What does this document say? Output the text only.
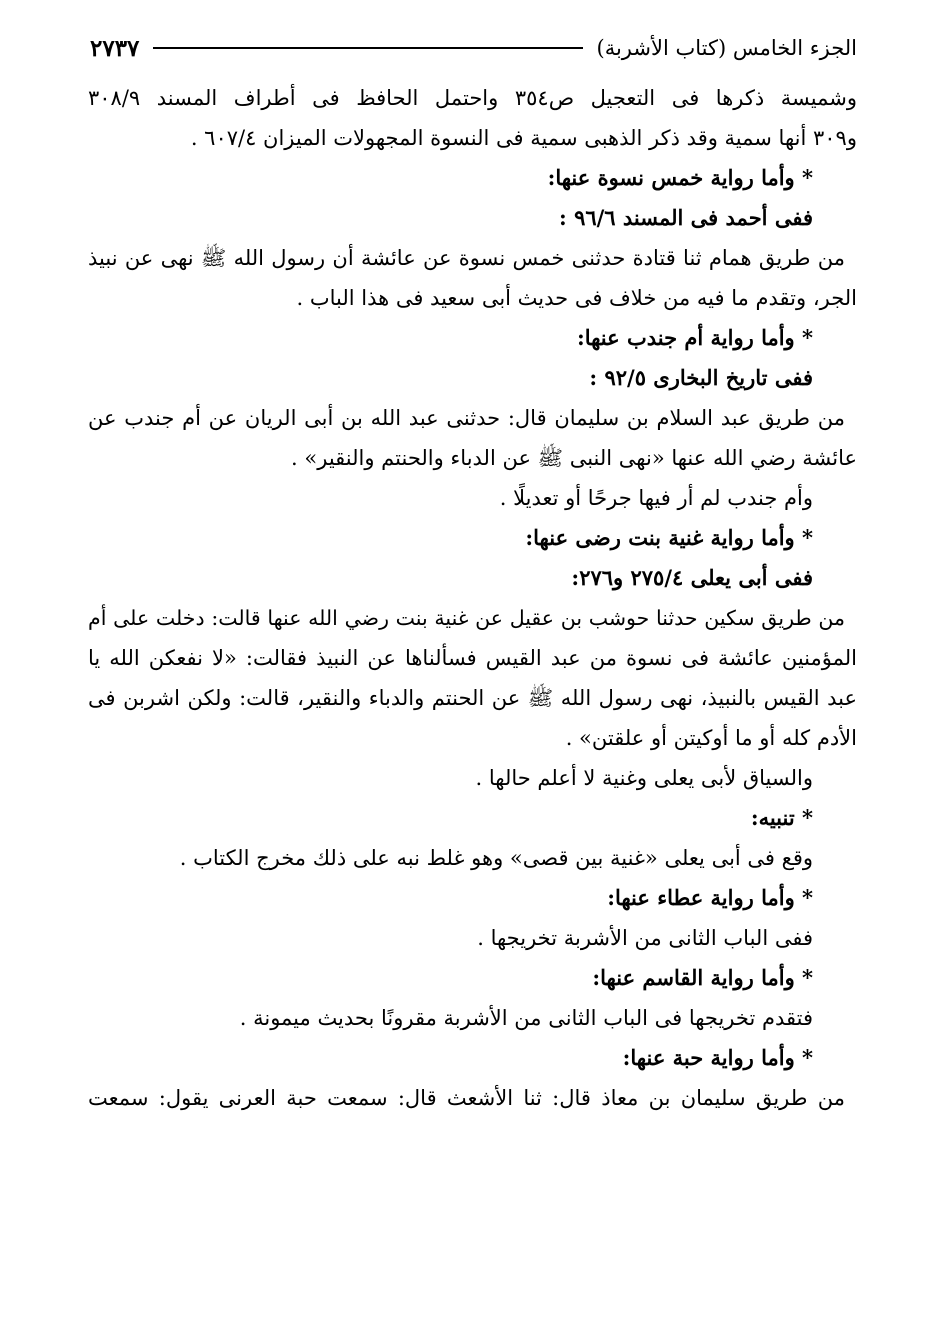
الجزء الخامس (كتاب الأشربة)
٢٧٣٧
وشميسة ذكرها فى التعجيل ص٣٥٤ واحتمل الحافظ فى أطراف المسند ٣٠٨/٩
و٣٠٩ أنها سمية وقد ذكر الذهبى سمية فى النسوة المجهولات الميزان ٦٠٧/٤ .
* وأما رواية خمس نسوة عنها:
ففى أحمد فى المسند ٩٦/٦ :
من طريق همام ثنا قتادة حدثنى خمس نسوة عن عائشة أن رسول الله ﷺ نهى عن نبيذ
الجر، وتقدم ما فيه من خلاف فى حديث أبى سعيد فى هذا الباب .
* وأما رواية أم جندب عنها:
ففى تاريخ البخارى ٩٢/٥ :
من طريق عبد السلام بن سليمان قال: حدثنى عبد الله بن أبى الريان عن أم جندب عن
عائشة رضي الله عنها «نهى النبى ﷺ عن الدباء والحنتم والنقير» .
وأم جندب لم أر فيها جرحًا أو تعديلًا .
* وأما رواية غنية بنت رضى عنها:
ففى أبى يعلى ٢٧٥/٤ و٢٧٦:
من طريق سكين حدثنا حوشب بن عقيل عن غنية بنت رضي الله عنها قالت: دخلت على أم
المؤمنين عائشة فى نسوة من عبد القيس فسألناها عن النبيذ فقالت: «لا نفعكن الله يا
عبد القيس بالنبيذ، نهى رسول الله ﷺ عن الحنتم والدباء والنقير، قالت: ولكن اشربن فى
الأدم كله أو ما أوكيتن أو علقتن» .
والسياق لأبى يعلى وغنية لا أعلم حالها .
* تنبيه:
وقع فى أبى يعلى «غنية بين قصى» وهو غلط نبه على ذلك مخرج الكتاب .
* وأما رواية عطاء عنها:
ففى الباب الثانى من الأشربة تخريجها .
* وأما رواية القاسم عنها:
فتقدم تخريجها فى الباب الثانى من الأشربة مقرونًا بحديث ميمونة .
* وأما رواية حبة عنها:
من طريق سليمان بن معاذ قال: ثنا الأشعث قال: سمعت حبة العرنى يقول: سمعت
